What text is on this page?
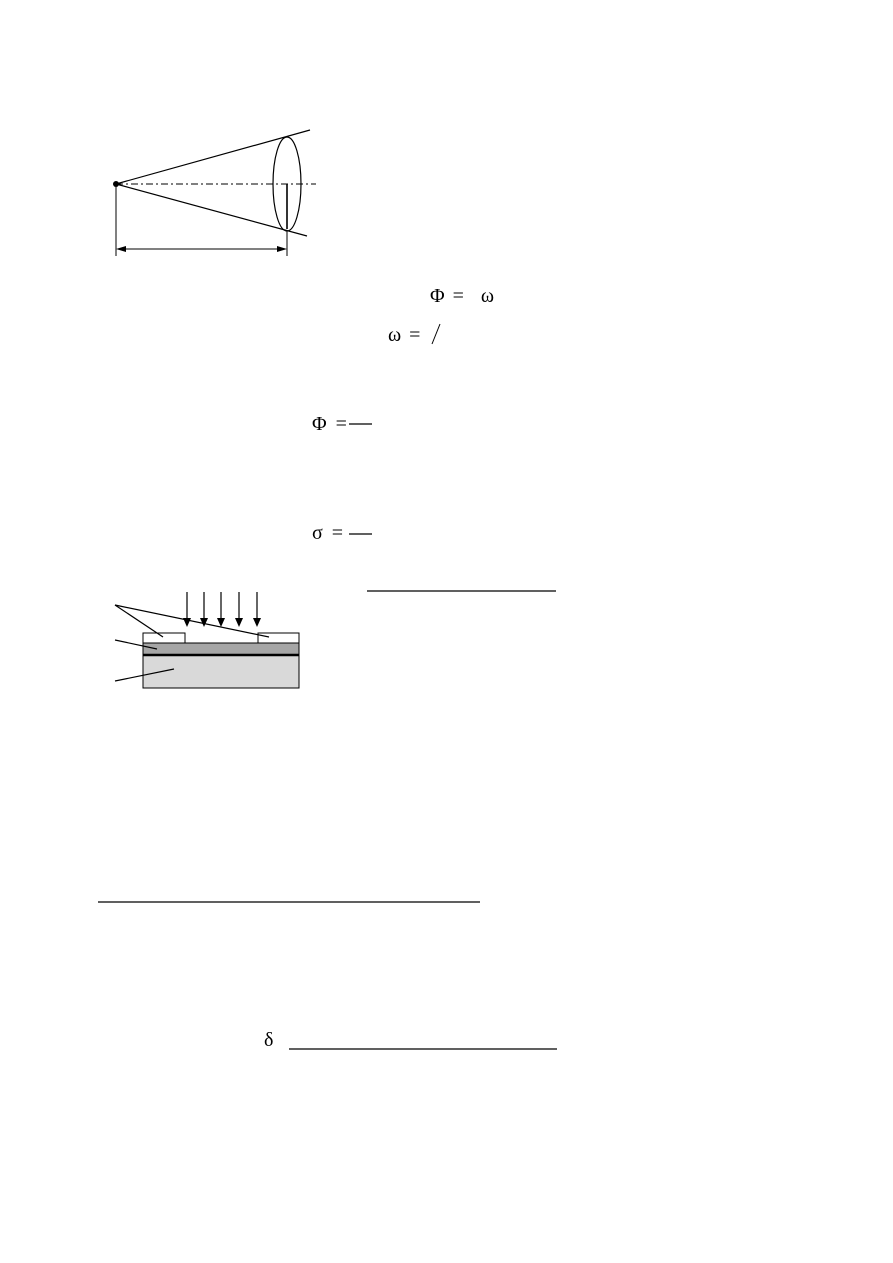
Φ = ω
ω =
Φ =
σ =
δ
